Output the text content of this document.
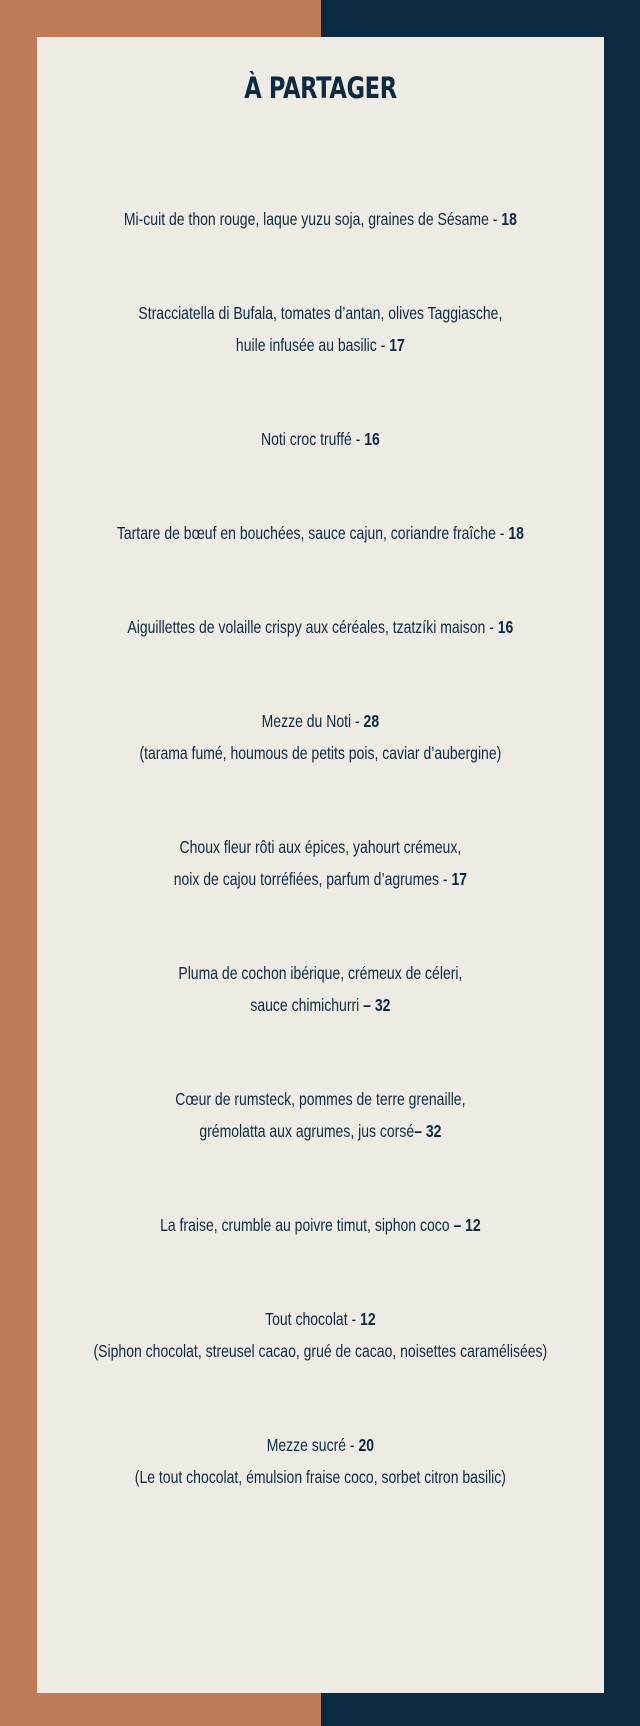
À PARTAGER
Mi-cuit de thon rouge, laque yuzu soja, graines de Sésame - 18
Stracciatella di Bufala, tomates d’antan, olives Taggiasche,
huile infusée au basilic - 17
Noti croc truffé - 16
Tartare de bœuf en bouchées, sauce cajun, coriandre fraîche - 18
Aiguillettes de volaille crispy aux céréales, tzatzíki maison - 16
Mezze du Noti - 28
(tarama fumé, houmous de petits pois, caviar d’aubergine)
Choux fleur rôti aux épices, yahourt crémeux,
noix de cajou torréfiées, parfum d’agrumes - 17
Pluma de cochon ibérique, crémeux de céleri,
sauce chimichurri – 32
Cœur de rumsteck, pommes de terre grenaille,
grémolatta aux agrumes, jus corsé– 32
La fraise, crumble au poivre timut, siphon coco – 12
Tout chocolat - 12
(Siphon chocolat, streusel cacao, grué de cacao, noisettes caramélisées)
Mezze sucré - 20
(Le tout chocolat, émulsion fraise coco, sorbet citron basilic)
